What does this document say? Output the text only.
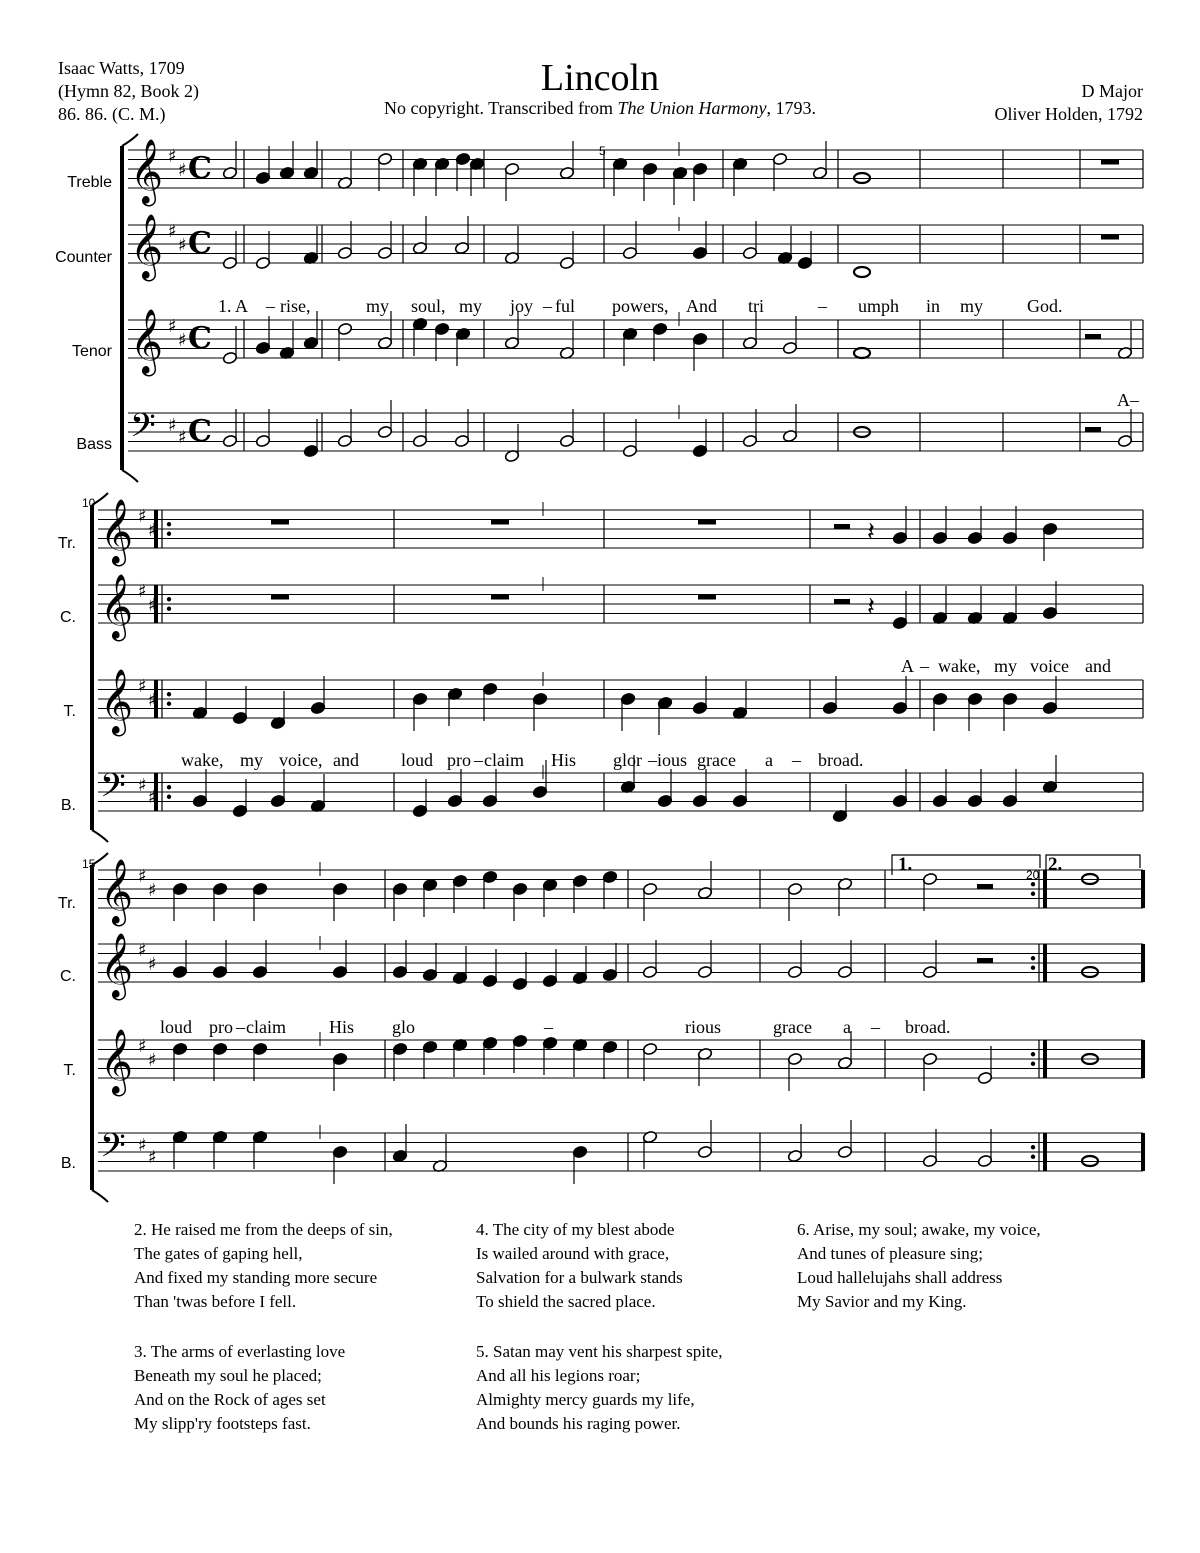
Isaac Watts, 1709
(Hymn 82, Book 2)
86. 86. (C. M.)
Lincoln
No copyright. Transcribed from The Union Harmony, 1793.
D Major
Oliver Holden, 1792
𝄞 ♯
♯ C
𝄞 ♯
♯ C
𝄞 ♯
♯ C
𝄢 ♯
♯ C
𝄞 ♯
♯
𝄞 ♯
♯
𝄞 ♯
♯
𝄢 ♯
♯
𝄽
𝄽
𝄞 ♯
♯
𝄞 ♯
♯
𝄞 ♯
♯
𝄢 ♯
♯
Treble
Counter
Tenor
Bass
Tr.
C.
T.
B.
Tr.
C.
T.
B.
5
10
15
20
1.	2.
1. A – rise,	my soul, my joy – ful powers, And tri	– umph in my God.
A–
A – wake, my voice and
wake, my voice, and loud pro – claim His glor – ious grace a – broad.
loud pro – claim His glo	–	rious	grace a – broad.
2. He raised me from the deeps of sin,
The gates of gaping hell,
And fixed my standing more secure
Than 'twas before I fell.
3. The arms of everlasting love
Beneath my soul he placed;
And on the Rock of ages set
My slipp'ry footsteps fast.
4. The city of my blest abode
Is wailed around with grace,
Salvation for a bulwark stands
To shield the sacred place.
5. Satan may vent his sharpest spite,
And all his legions roar;
Almighty mercy guards my life,
And bounds his raging power.
6. Arise, my soul; awake, my voice,
And tunes of pleasure sing;
Loud hallelujahs shall address
My Savior and my King.
